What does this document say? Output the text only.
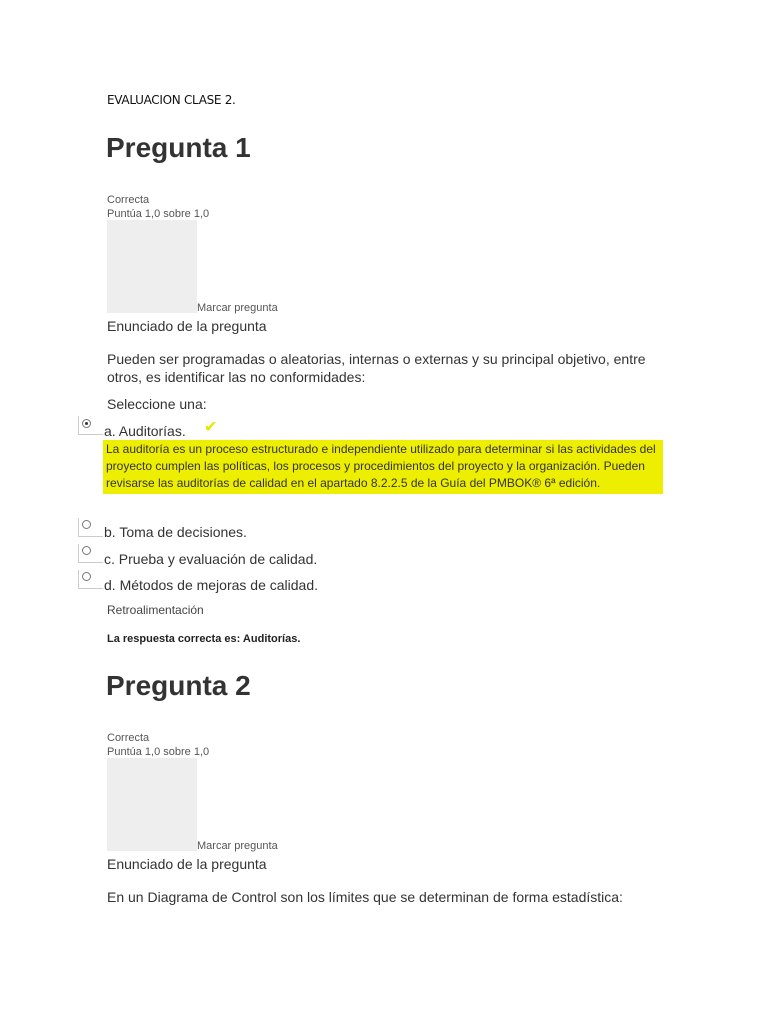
EVALUACION CLASE 2.
Pregunta 1
Correcta
Puntúa 1,0 sobre 1,0
Marcar pregunta
Enunciado de la pregunta
Pueden ser programadas o aleatorias, internas o externas y su principal objetivo, entre otros, es identificar las no conformidades:
Seleccione una:
a. Auditorías. ✔
La auditoría es un proceso estructurado e independiente utilizado para determinar si las actividades del proyecto cumplen las políticas, los procesos y procedimientos del proyecto y la organización. Pueden revisarse las auditorías de calidad en el apartado 8.2.2.5 de la Guía del PMBOK® 6ª edición.
b. Toma de decisiones.
c. Prueba y evaluación de calidad.
d. Métodos de mejoras de calidad.
Retroalimentación
La respuesta correcta es: Auditorías.
Pregunta 2
Correcta
Puntúa 1,0 sobre 1,0
Marcar pregunta
Enunciado de la pregunta
En un Diagrama de Control son los límites que se determinan de forma estadística:
